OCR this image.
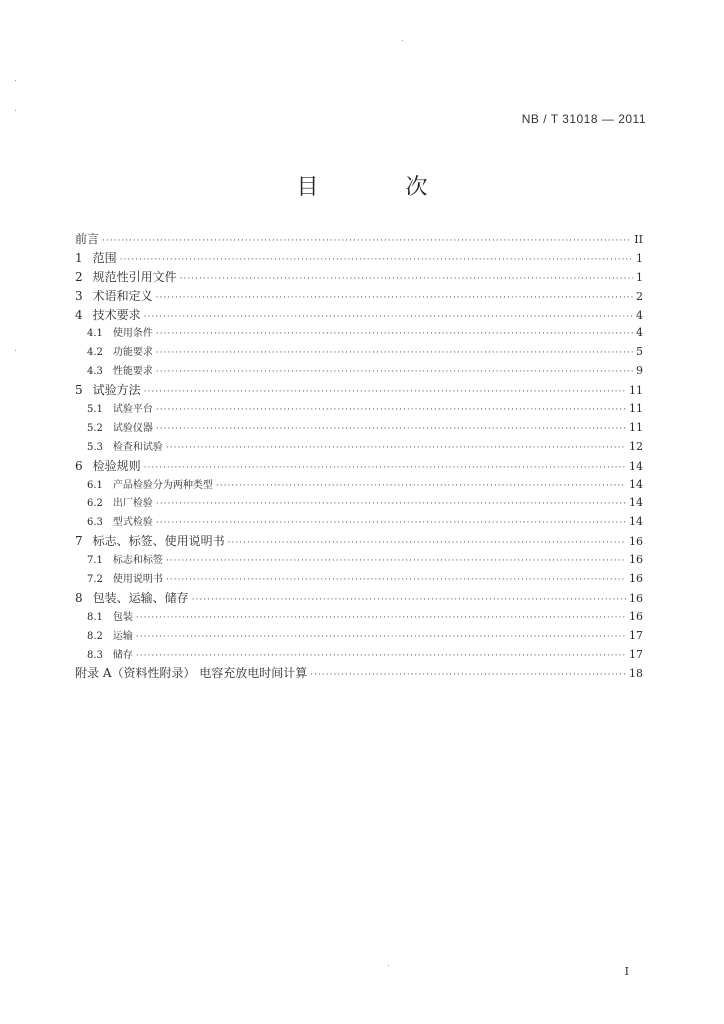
NB / T 31018 — 2011
目 次
前言 ·····	II
1 范围 ·····	1
2 规范性引用文件 ·····	1
3 术语和定义 ·····	2
4 技术要求 ·····	4
4.1 使用条件 ·····	4
4.2 功能要求 ·····	5
4.3 性能要求 ·····	9
5 试验方法 ·····	11
5.1 试验平台 ·····	11
5.2 试验仪器 ·····	11
5.3 检查和试验 ·····	12
6 检验规则 ·····	14
6.1 产品检验分为两种类型 ·····	14
6.2 出厂检验 ·····	14
6.3 型式检验 ·····	14
7 标志、标签、使用说明书 ·····	16
7.1 标志和标签 ·····	16
7.2 使用说明书 ·····	16
8 包装、运输、储存 ·····	16
8.1 包装 ·····	16
8.2 运输 ·····	17
8.3 储存 ·····	17
附录 A（资料性附录） 电容充放电时间计算 ·····	18
I
